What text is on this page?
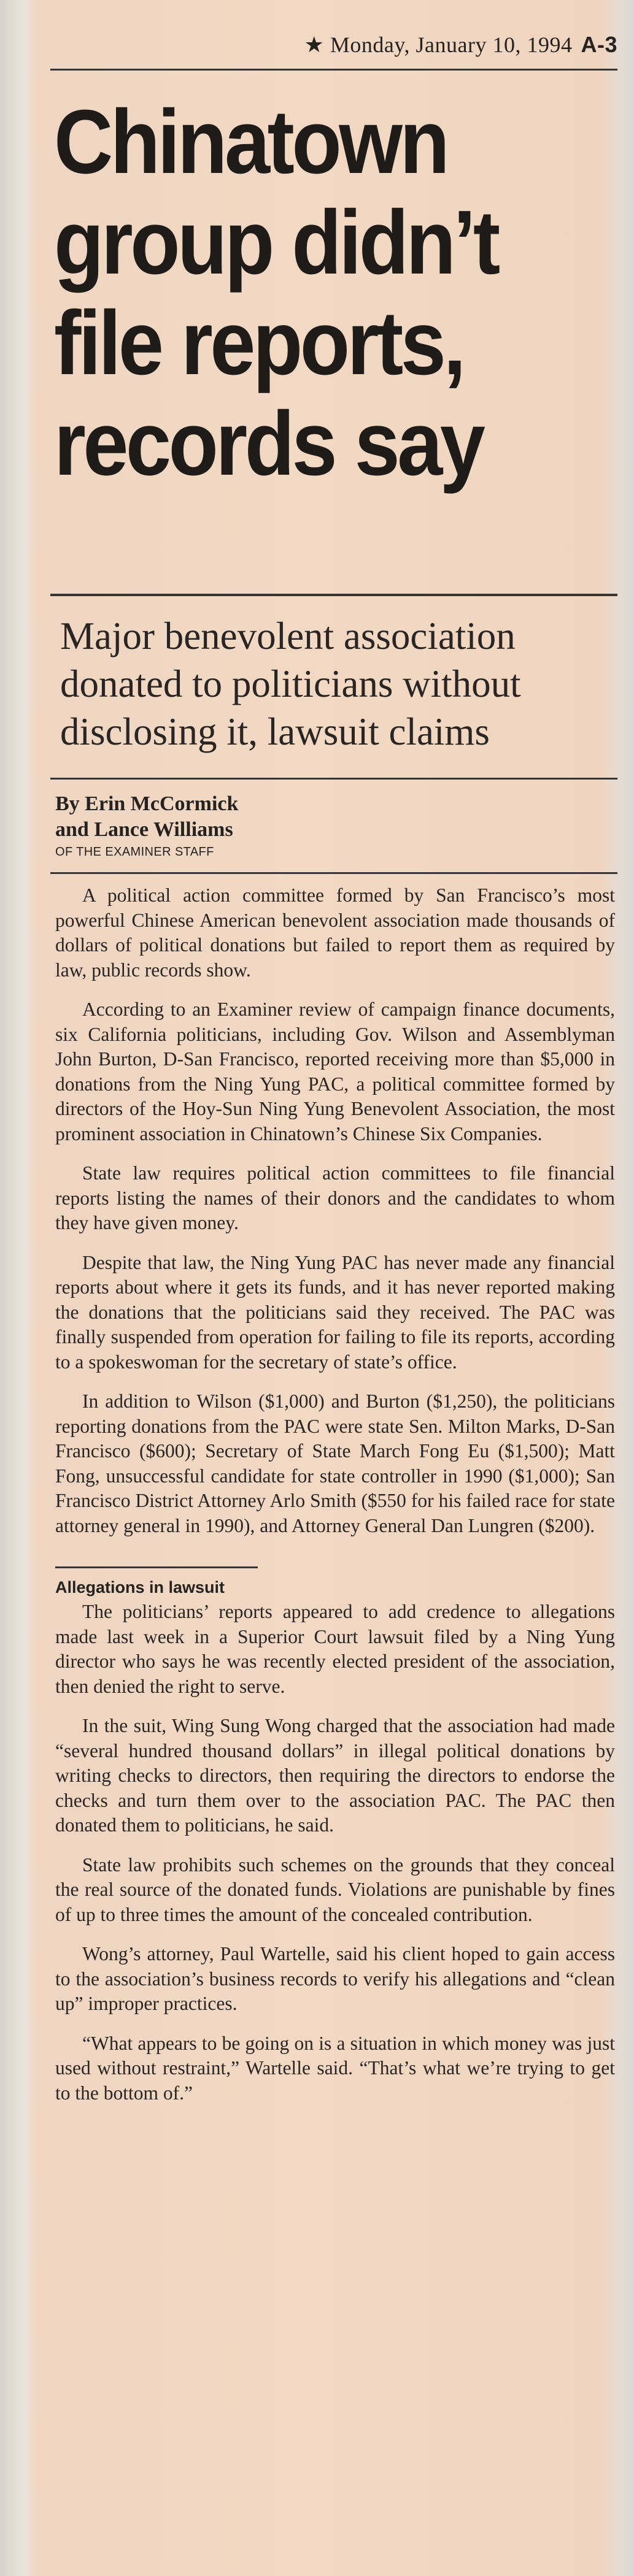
★ Monday, January 10, 1994 A-3
Chinatown group didn’t file reports, records say
Major benevolent association donated to politicians without disclosing it, lawsuit claims
By Erin McCormick
and Lance Williams
OF THE EXAMINER STAFF

A political action committee formed by San Francisco’s most powerful Chinese American benevolent association made thousands of dollars of political donations but failed to report them as required by law, public records show.

According to an Examiner review of campaign finance documents, six California politicians, including Gov. Wilson and Assemblyman John Burton, D-San Francisco, reported receiving more than $5,000 in donations from the Ning Yung PAC, a political committee formed by directors of the Hoy-Sun Ning Yung Benevolent Association, the most prominent association in Chinatown’s Chinese Six Companies.

State law requires political action committees to file financial reports listing the names of their donors and the candidates to whom they have given money.

Despite that law, the Ning Yung PAC has never made any financial reports about where it gets its funds, and it has never reported making the donations that the politicians said they received. The PAC was finally suspended from operation for failing to file its reports, according to a spokeswoman for the secretary of state’s office.

In addition to Wilson ($1,000) and Burton ($1,250), the politicians reporting donations from the PAC were state Sen. Milton Marks, D-San Francisco ($600); Secretary of State March Fong Eu ($1,500); Matt Fong, unsuccessful candidate for state controller in 1990 ($1,000); San Francisco District Attorney Arlo Smith ($550 for his failed race for state attorney general in 1990), and Attorney General Dan Lungren ($200).

Allegations in lawsuit

The politicians’ reports appeared to add credence to allegations made last week in a Superior Court lawsuit filed by a Ning Yung director who says he was recently elected president of the association, then denied the right to serve.

In the suit, Wing Sung Wong charged that the association had made “several hundred thousand dollars” in illegal political donations by writing checks to directors, then requiring the directors to endorse the checks and turn them over to the association PAC. The PAC then donated them to politicians, he said.

State law prohibits such schemes on the grounds that they conceal the real source of the donated funds. Violations are punishable by fines of up to three times the amount of the concealed contribution.

Wong’s attorney, Paul Wartelle, said his client hoped to gain access to the association’s business records to verify his allegations and “clean up” improper practices.

“What appears to be going on is a situation in which money was just used without restraint,” Wartelle said. “That’s what we’re trying to get to the bottom of.”
